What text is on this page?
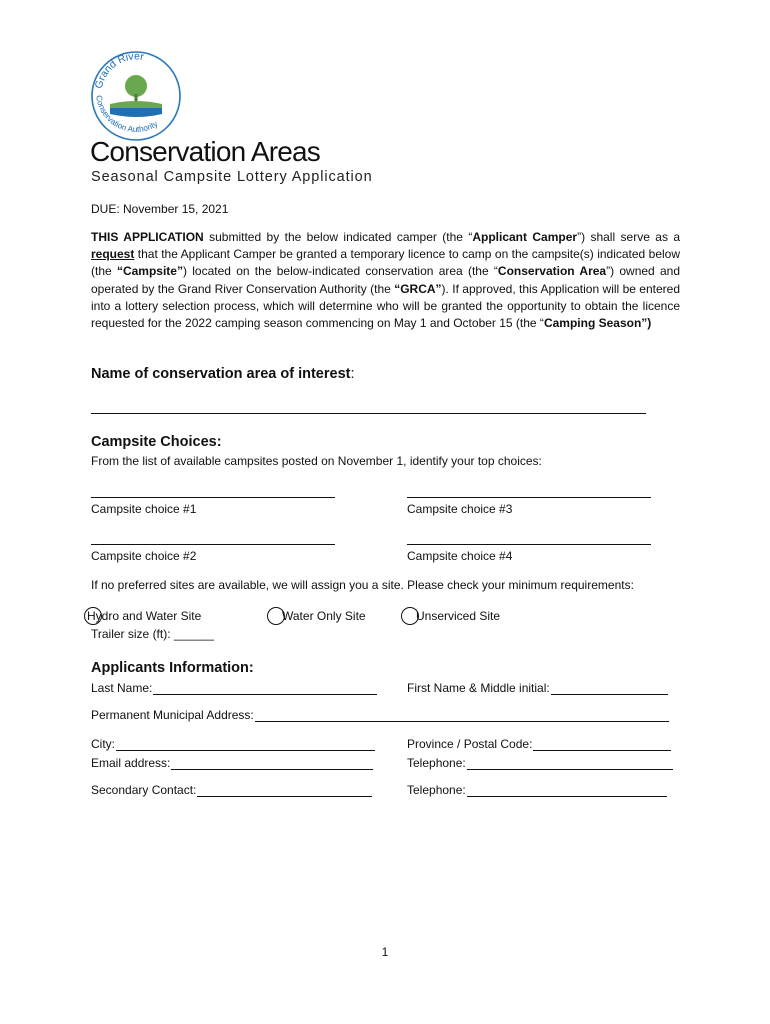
Grand River
Conservation Authority
Conservation Areas
Seasonal Campsite Lottery Application
DUE: November 15, 2021
THIS APPLICATION submitted by the below indicated camper (the “Applicant Camper”) shall serve as a request that the Applicant Camper be granted a temporary licence to camp on the campsite(s) indicated below (the “Campsite”) located on the below-indicated conservation area (the “Conservation Area”) owned and operated by the Grand River Conservation Authority (the “GRCA”). If approved, this Application will be entered into a lottery selection process, which will determine who will be granted the opportunity to obtain the licence requested for the 2022 camping season commencing on May 1 and October 15 (the “Camping Season”)
Name of conservation area of interest:
Campsite Choices:
From the list of available campsites posted on November 1, identify your top choices:
Campsite choice #1	Campsite choice #3
Campsite choice #2	Campsite choice #4
If no preferred sites are available, we will assign you a site. Please check your minimum requirements:
Hydro and Water Site	Water Only Site	Unserviced Site
Trailer size (ft): ______
Applicants Information:
Last Name:	First Name & Middle initial:
Permanent Municipal Address:
City:	Province / Postal Code:
Email address:	Telephone:
Secondary Contact:	Telephone:
1
